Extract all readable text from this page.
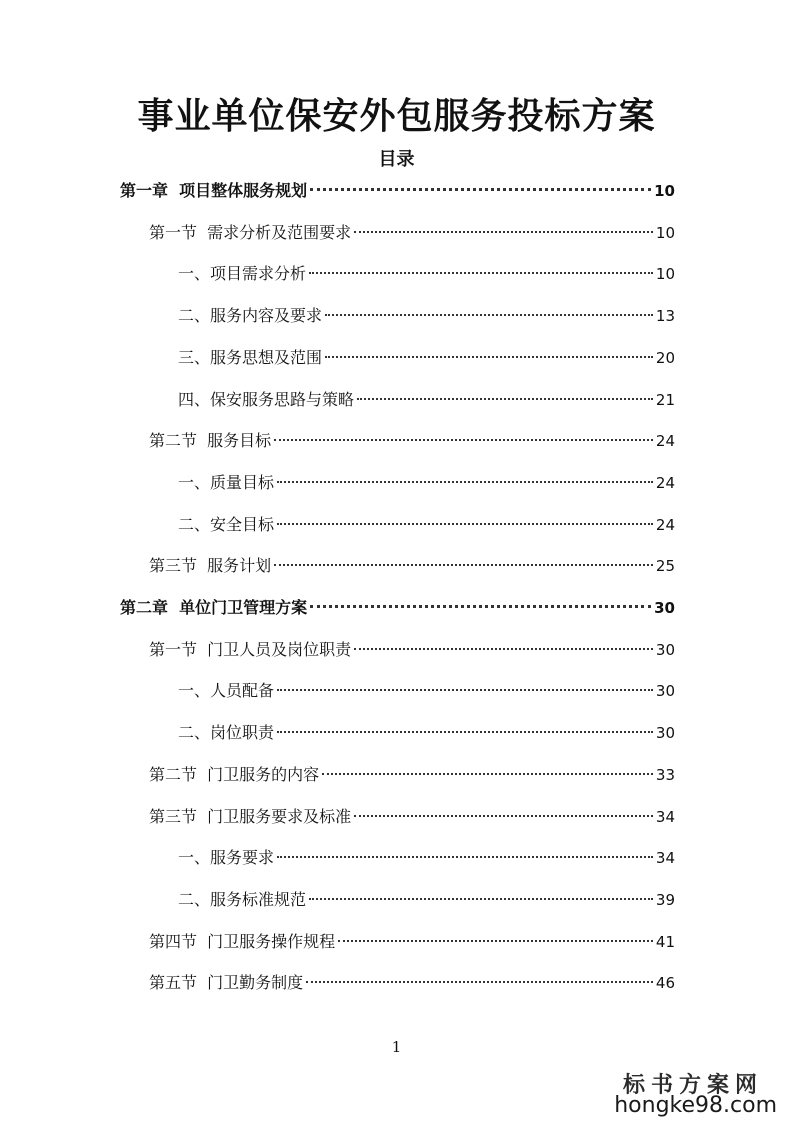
事业单位保安外包服务投标方案
目录
第一章  项目整体服务规划	10
第一节  需求分析及范围要求	10
一、项目需求分析	10
二、服务内容及要求	13
三、服务思想及范围	20
四、保安服务思路与策略	21
第二节  服务目标	24
一、质量目标	24
二、安全目标	24
第三节  服务计划	25
第二章  单位门卫管理方案	30
第一节  门卫人员及岗位职责	30
一、人员配备	30
二、岗位职责	30
第二节  门卫服务的内容	33
第三节  门卫服务要求及标准	34
一、服务要求	34
二、服务标准规范	39
第四节  门卫服务操作规程	41
第五节  门卫勤务制度	46
1
标书方案网
hongke98.com
